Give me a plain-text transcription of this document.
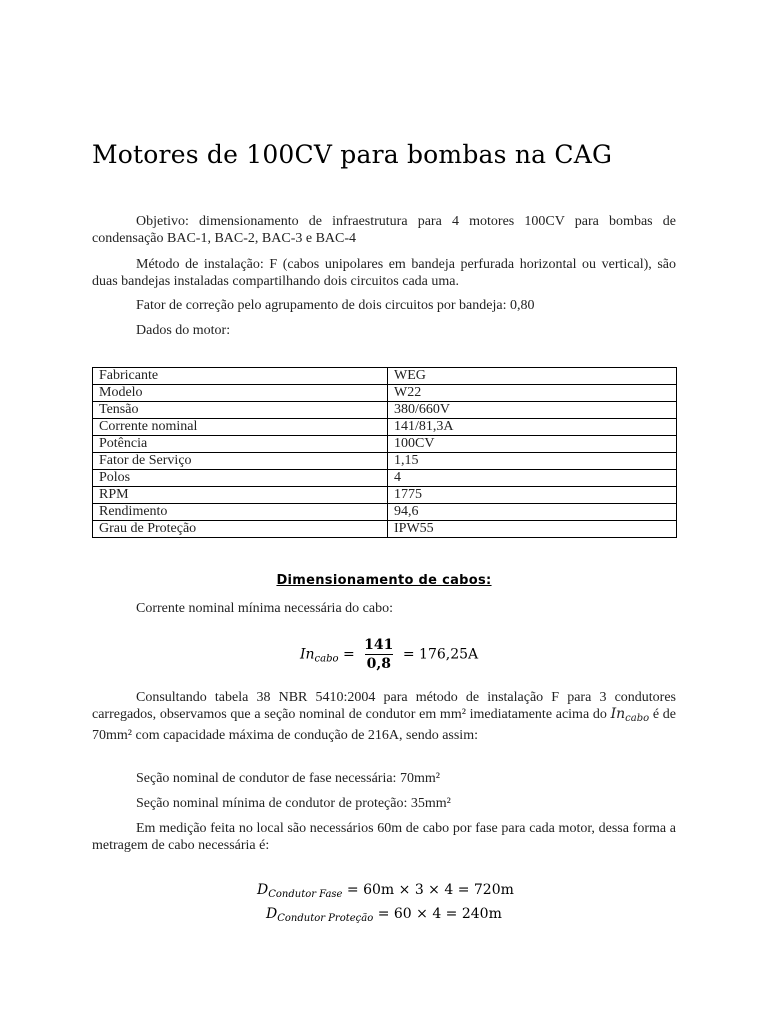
Motores de 100CV para bombas na CAG

Objetivo: dimensionamento de infraestrutura para 4 motores 100CV para bombas de condensação BAC-1, BAC-2, BAC-3 e BAC-4

Método de instalação: F (cabos unipolares em bandeja perfurada horizontal ou vertical), são duas bandejas instaladas compartilhando dois circuitos cada uma.

Fator de correção pelo agrupamento de dois circuitos por bandeja: 0,80

Dados do motor:

Fabricante	WEG
Modelo	W22
Tensão	380/660V
Corrente nominal	141/81,3A
Potência	100CV
Fator de Serviço	1,15
Polos	4
RPM	1775
Rendimento	94,6
Grau de Proteção	IPW55
Dimensionamento de cabos:

Corrente nominal mínima necessária do cabo:

$In_{cabo} = \frac{141}{0,8} = 176,25A$

Consultando tabela 38 NBR 5410:2004 para método de instalação F para 3 condutores carregados, observamos que a seção nominal de condutor em mm² imediatamente acima do $In_{cabo}$ é de 70mm² com capacidade máxima de condução de 216A, sendo assim:

Seção nominal de condutor de fase necessária: 70mm²

Seção nominal mínima de condutor de proteção: 35mm²

Em medição feita no local são necessários 60m de cabo por fase para cada motor, dessa forma a metragem de cabo necessária é:

$D_{Condutor Fase} = 60m \times 3 \times 4 = 720m$
$D_{Condutor Proteção} = 60 \times 4 = 240m$
